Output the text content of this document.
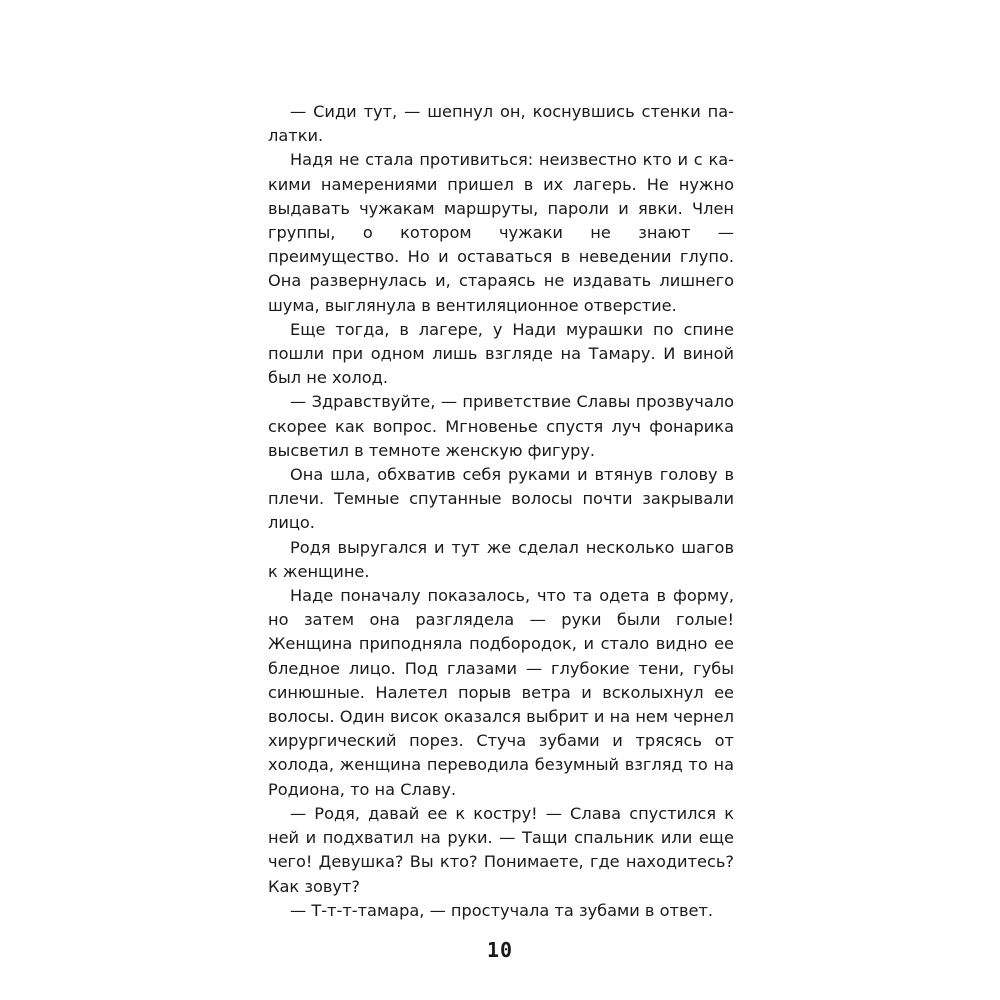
— Сиди тут, — шепнул он, коснувшись стенки палатки.

Надя не стала противиться: неизвестно кто и с какими намерениями пришел в их лагерь. Не нужно выдавать чужакам маршруты, пароли и явки. Член группы, о котором чужаки не знают — преимущество. Но и оставаться в неведении глупо. Она развернулась и, стараясь не издавать лишнего шума, выглянула в вентиляционное отверстие.

Еще тогда, в лагере, у Нади мурашки по спине пошли при одном лишь взгляде на Тамару. И виной был не холод.

— Здравствуйте, — приветствие Славы прозвучало скорее как вопрос. Мгновенье спустя луч фонарика высветил в темноте женскую фигуру.

Она шла, обхватив себя руками и втянув голову в плечи. Темные спутанные волосы почти закрывали лицо.

Родя выругался и тут же сделал несколько шагов к женщине.

Наде поначалу показалось, что та одета в форму, но затем она разглядела — руки были голые! Женщина приподняла подбородок, и стало видно ее бледное лицо. Под глазами — глубокие тени, губы синюшные. Налетел порыв ветра и всколыхнул ее волосы. Один висок оказался выбрит и на нем чернел хирургический порез. Стуча зубами и трясясь от холода, женщина переводила безумный взгляд то на Родиона, то на Славу.

— Родя, давай ее к костру! — Слава спустился к ней и подхватил на руки. — Тащи спальник или еще чего! Девушка? Вы кто? Понимаете, где находитесь? Как зовут?

— Т-т-т-тамара, — простучала та зубами в ответ.

10
